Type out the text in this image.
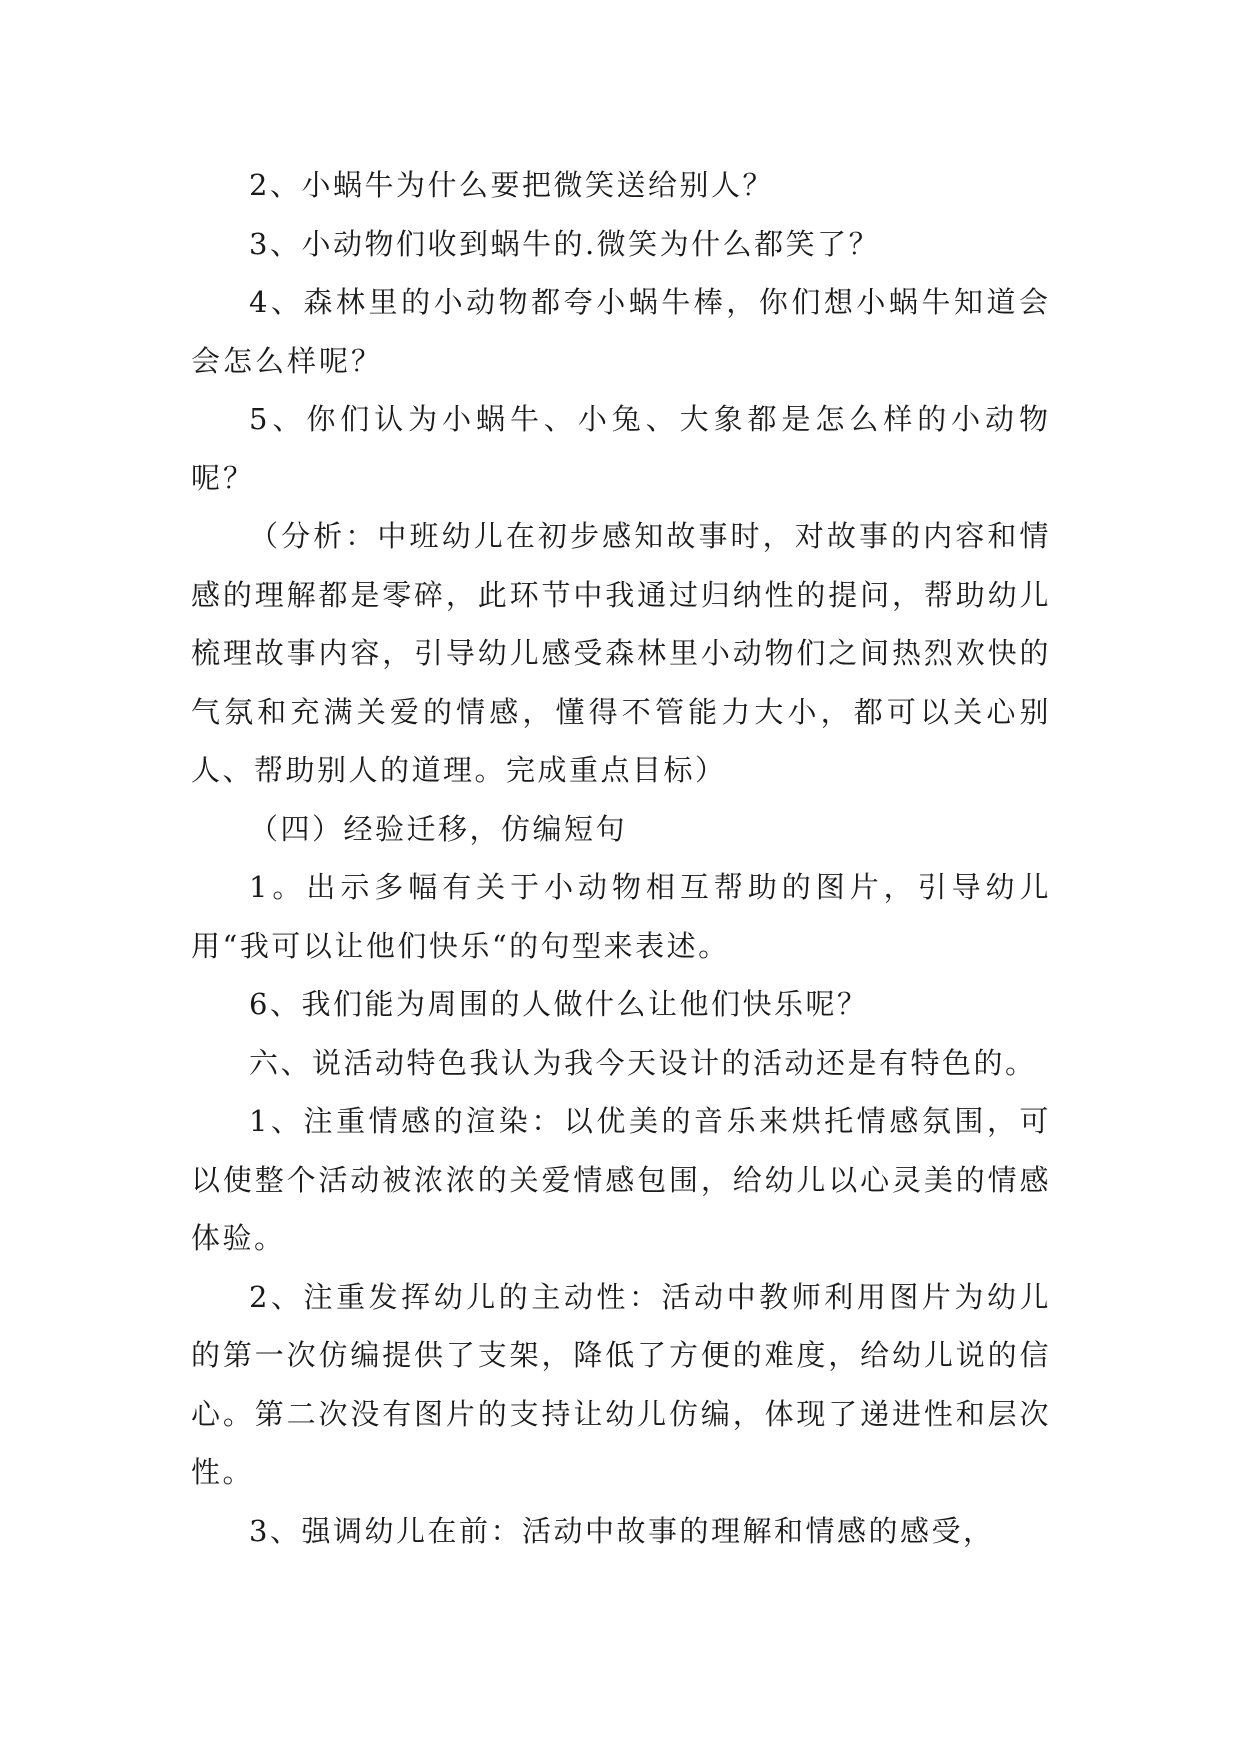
2、小蜗牛为什么要把微笑送给别人？

3、小动物们收到蜗牛的.微笑为什么都笑了？

4、森林里的小动物都夸小蜗牛棒，你们想小蜗牛知道会会怎么样呢？

5、你们认为小蜗牛、小兔、大象都是怎么样的小动物呢？

（分析：中班幼儿在初步感知故事时，对故事的内容和情感的理解都是零碎，此环节中我通过归纳性的提问，帮助幼儿梳理故事内容，引导幼儿感受森林里小动物们之间热烈欢快的气氛和充满关爱的情感，懂得不管能力大小，都可以关心别人、帮助别人的道理。完成重点目标）

（四）经验迁移，仿编短句

1。出示多幅有关于小动物相互帮助的图片，引导幼儿用“我可以让他们快乐“的句型来表述。

6、我们能为周围的人做什么让他们快乐呢？

六、说活动特色我认为我今天设计的活动还是有特色的。

1、注重情感的渲染：以优美的音乐来烘托情感氛围，可以使整个活动被浓浓的关爱情感包围，给幼儿以心灵美的情感体验。

2、注重发挥幼儿的主动性：活动中教师利用图片为幼儿的第一次仿编提供了支架，降低了方便的难度，给幼儿说的信心。第二次没有图片的支持让幼儿仿编，体现了递进性和层次性。

3、强调幼儿在前：活动中故事的理解和情感的感受，
